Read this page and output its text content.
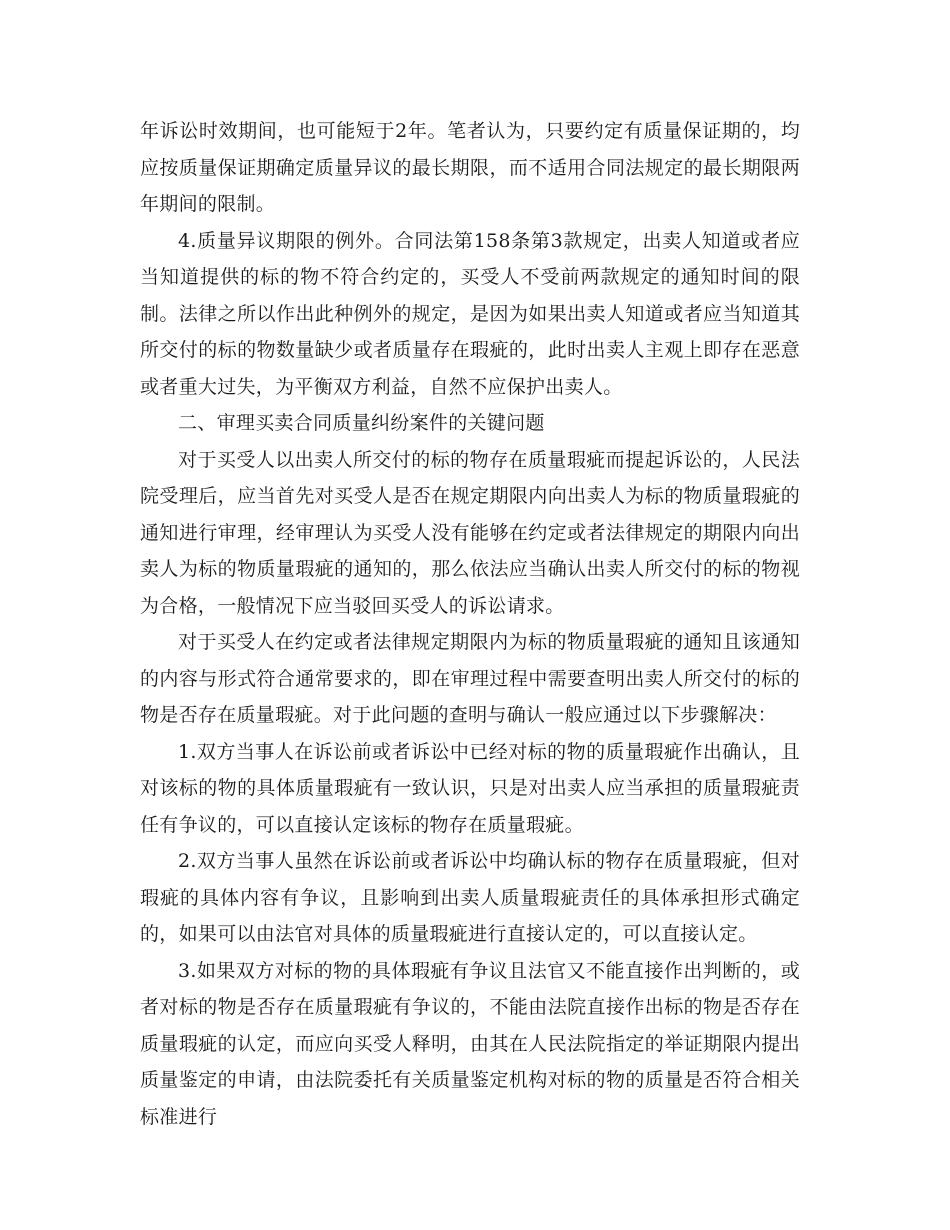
年诉讼时效期间，也可能短于2年。笔者认为，只要约定有质量保证期的，均应按质量保证期确定质量异议的最长期限，而不适用合同法规定的最长期限两年期间的限制。

4.质量异议期限的例外。合同法第158条第3款规定，出卖人知道或者应当知道提供的标的物不符合约定的，买受人不受前两款规定的通知时间的限制。法律之所以作出此种例外的规定，是因为如果出卖人知道或者应当知道其所交付的标的物数量缺少或者质量存在瑕疵的，此时出卖人主观上即存在恶意或者重大过失，为平衡双方利益，自然不应保护出卖人。

二、审理买卖合同质量纠纷案件的关键问题

对于买受人以出卖人所交付的标的物存在质量瑕疵而提起诉讼的，人民法院受理后，应当首先对买受人是否在规定期限内向出卖人为标的物质量瑕疵的通知进行审理，经审理认为买受人没有能够在约定或者法律规定的期限内向出卖人为标的物质量瑕疵的通知的，那么依法应当确认出卖人所交付的标的物视为合格，一般情况下应当驳回买受人的诉讼请求。

对于买受人在约定或者法律规定期限内为标的物质量瑕疵的通知且该通知的内容与形式符合通常要求的，即在审理过程中需要查明出卖人所交付的标的物是否存在质量瑕疵。对于此问题的查明与确认一般应通过以下步骤解决：

1.双方当事人在诉讼前或者诉讼中已经对标的物的质量瑕疵作出确认，且对该标的物的具体质量瑕疵有一致认识，只是对出卖人应当承担的质量瑕疵责任有争议的，可以直接认定该标的物存在质量瑕疵。

2.双方当事人虽然在诉讼前或者诉讼中均确认标的物存在质量瑕疵，但对瑕疵的具体内容有争议，且影响到出卖人质量瑕疵责任的具体承担形式确定的，如果可以由法官对具体的质量瑕疵进行直接认定的，可以直接认定。

3.如果双方对标的物的具体瑕疵有争议且法官又不能直接作出判断的，或者对标的物是否存在质量瑕疵有争议的，不能由法院直接作出标的物是否存在质量瑕疵的认定，而应向买受人释明，由其在人民法院指定的举证期限内提出质量鉴定的申请，由法院委托有关质量鉴定机构对标的物的质量是否符合相关标准进行
